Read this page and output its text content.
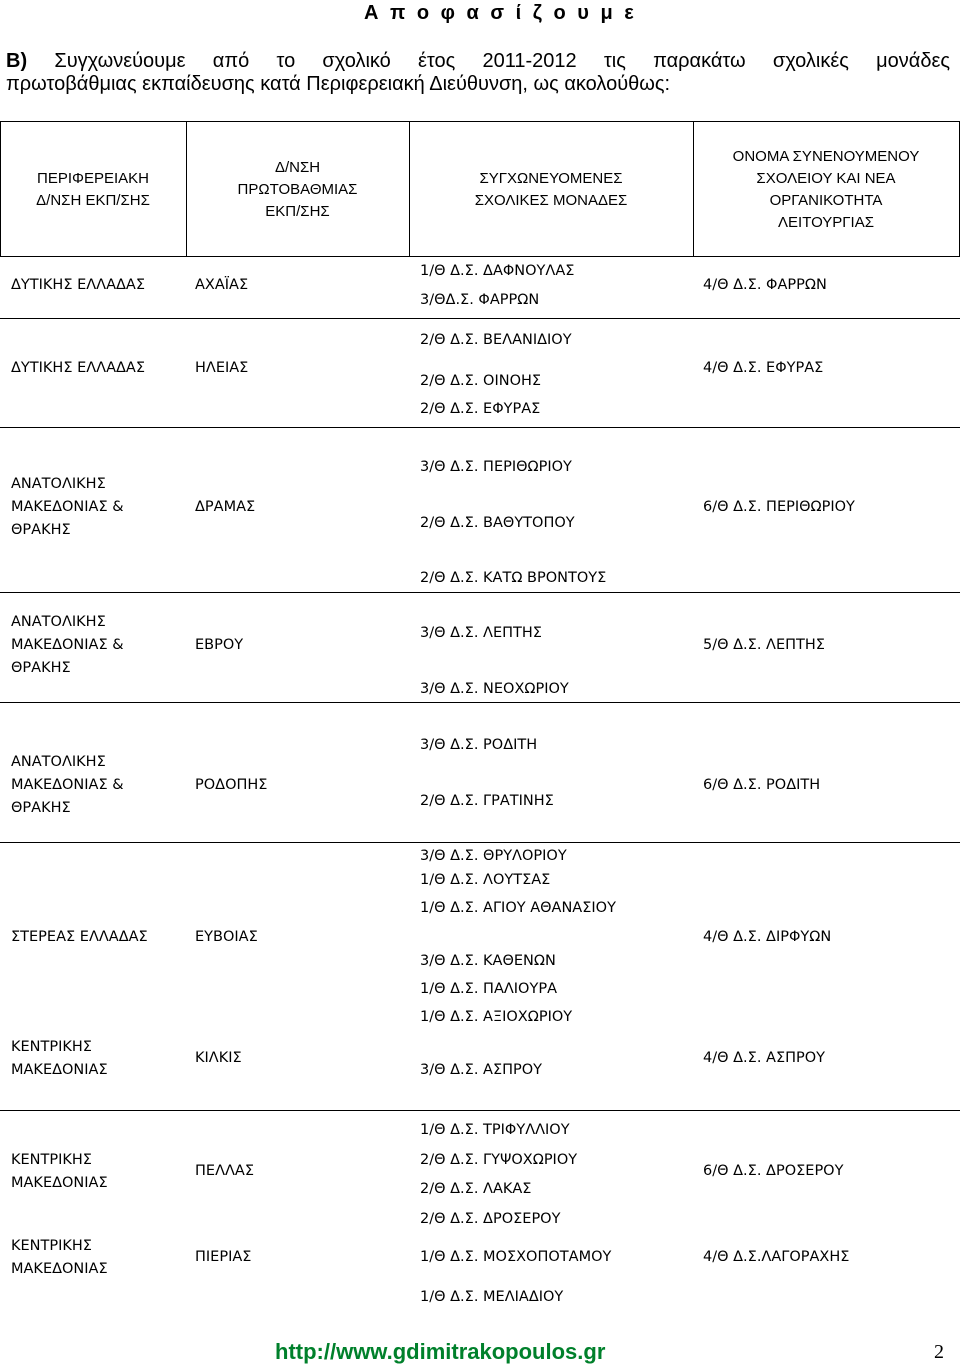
Α π ο φ α σ ί ζ ο υ μ ε
Β) Συγχωνεύουμε από το σχολικό έτος 2011-2012 τις παρακάτω σχολικές μονάδες
πρωτοβάθμιας εκπαίδευσης κατά Περιφερειακή Διεύθυνση, ως ακολούθως:
ΠΕΡΙΦΕΡΕΙΑΚΗ
Δ/ΝΣΗ ΕΚΠ/ΣΗΣ
Δ/ΝΣΗ
ΠΡΩΤΟΒΑΘΜΙΑΣ
ΕΚΠ/ΣΗΣ
ΣΥΓΧΩΝΕΥΟΜΕΝΕΣ
ΣΧΟΛΙΚΕΣ ΜΟΝΑΔΕΣ
ΟΝΟΜΑ ΣΥΝΕΝΟΥΜΕΝΟΥ
ΣΧΟΛΕΙΟΥ ΚΑΙ ΝΕΑ
ΟΡΓΑΝΙΚΟΤΗΤΑ
ΛΕΙΤΟΥΡΓΙΑΣ
ΔΥΤΙΚΗΣ ΕΛΛΑΔΑΣ
ΔΥΤΙΚΗΣ ΕΛΛΑΔΑΣ
ΑΝΑΤΟΛΙΚΗΣ
ΜΑΚΕΔΟΝΙΑΣ &
ΘΡΑΚΗΣ
ΑΝΑΤΟΛΙΚΗΣ
ΜΑΚΕΔΟΝΙΑΣ &
ΘΡΑΚΗΣ
ΑΝΑΤΟΛΙΚΗΣ
ΜΑΚΕΔΟΝΙΑΣ &
ΘΡΑΚΗΣ
ΣΤΕΡΕΑΣ ΕΛΛΑΔΑΣ
ΚΕΝΤΡΙΚΗΣ
ΜΑΚΕΔΟΝΙΑΣ
ΚΕΝΤΡΙΚΗΣ
ΜΑΚΕΔΟΝΙΑΣ
ΚΕΝΤΡΙΚΗΣ
ΜΑΚΕΔΟΝΙΑΣ
ΑΧΑΪΑΣ
ΗΛΕΙΑΣ
ΔΡΑΜΑΣ
ΕΒΡΟΥ
ΡΟΔΟΠΗΣ
ΕΥΒΟΙΑΣ
ΚΙΛΚΙΣ
ΠΕΛΛΑΣ
ΠΙΕΡΙΑΣ
1/Θ Δ.Σ. ΔΑΦΝΟΥΛΑΣ
3/ΘΔ.Σ. ΦΑΡΡΩΝ
2/Θ Δ.Σ. ΒΕΛΑΝΙΔΙΟΥ
2/Θ Δ.Σ. ΟΙΝΟΗΣ
2/Θ Δ.Σ. ΕΦΥΡΑΣ
3/Θ Δ.Σ. ΠΕΡΙΘΩΡΙΟΥ
2/Θ Δ.Σ. ΒΑΘΥΤΟΠΟΥ
2/Θ Δ.Σ. ΚΑΤΩ ΒΡΟΝΤΟΥΣ
3/Θ Δ.Σ. ΛΕΠΤΗΣ
3/Θ Δ.Σ. ΝΕΟΧΩΡΙΟΥ
3/Θ Δ.Σ. ΡΟΔΙΤΗ
2/Θ Δ.Σ. ΓΡΑΤΙΝΗΣ
3/Θ Δ.Σ. ΘΡΥΛΟΡΙΟΥ
1/Θ Δ.Σ. ΛΟΥΤΣΑΣ
1/Θ Δ.Σ. ΑΓΙΟΥ ΑΘΑΝΑΣΙΟΥ
3/Θ Δ.Σ. ΚΑΘΕΝΩΝ
1/Θ Δ.Σ. ΠΑΛΙΟΥΡΑ
1/Θ Δ.Σ. ΑΞΙΟΧΩΡΙΟΥ
3/Θ Δ.Σ. ΑΣΠΡΟΥ
1/Θ Δ.Σ. ΤΡΙΦΥΛΛΙΟΥ
2/Θ Δ.Σ. ΓΥΨΟΧΩΡΙΟΥ
2/Θ Δ.Σ. ΛΑΚΑΣ
2/Θ Δ.Σ. ΔΡΟΣΕΡΟΥ
1/Θ Δ.Σ. ΜΟΣΧΟΠΟΤΑΜΟΥ
1/Θ Δ.Σ. ΜΕΛΙΑΔΙΟΥ
4/Θ Δ.Σ. ΦΑΡΡΩΝ
4/Θ Δ.Σ. ΕΦΥΡΑΣ
6/Θ Δ.Σ. ΠΕΡΙΘΩΡΙΟΥ
5/Θ Δ.Σ. ΛΕΠΤΗΣ
6/Θ Δ.Σ. ΡΟΔΙΤΗ
4/Θ Δ.Σ. ΔΙΡΦΥΩΝ
4/Θ Δ.Σ. ΑΣΠΡΟΥ
6/Θ Δ.Σ. ΔΡΟΣΕΡΟΥ
4/Θ Δ.Σ.ΛΑΓΟΡΑΧΗΣ
http://www.gdimitrakopoulos.gr	2
